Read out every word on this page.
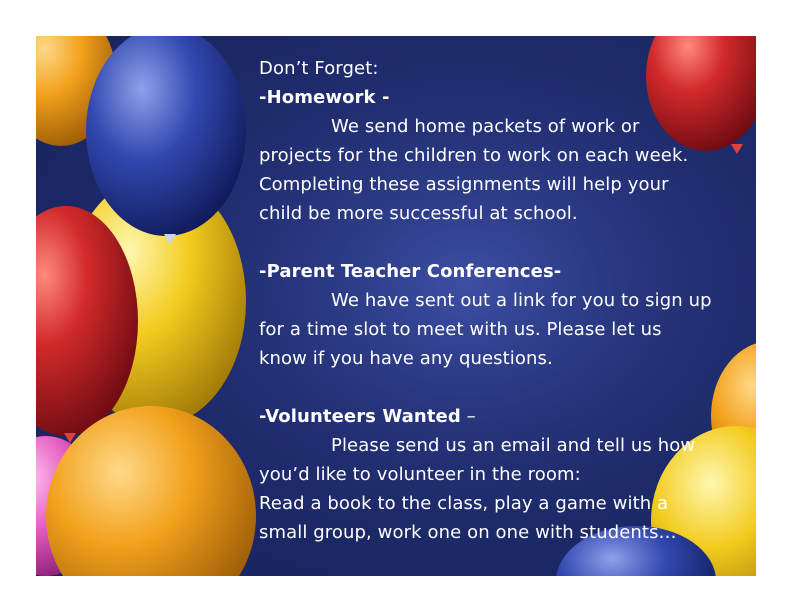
Don’t Forget:
-Homework -
We send home packets of work or
projects for the children to work on each week.
Completing these assignments will help your
child be more successful at school.
-Parent Teacher Conferences-
We have sent out a link for you to sign up
for a time slot to meet with us. Please let us
know if you have any questions.
-Volunteers Wanted –
Please send us an email and tell us how
you’d like to volunteer in the room:
Read a book to the class, play a game with a
small group, work one on one with students…
